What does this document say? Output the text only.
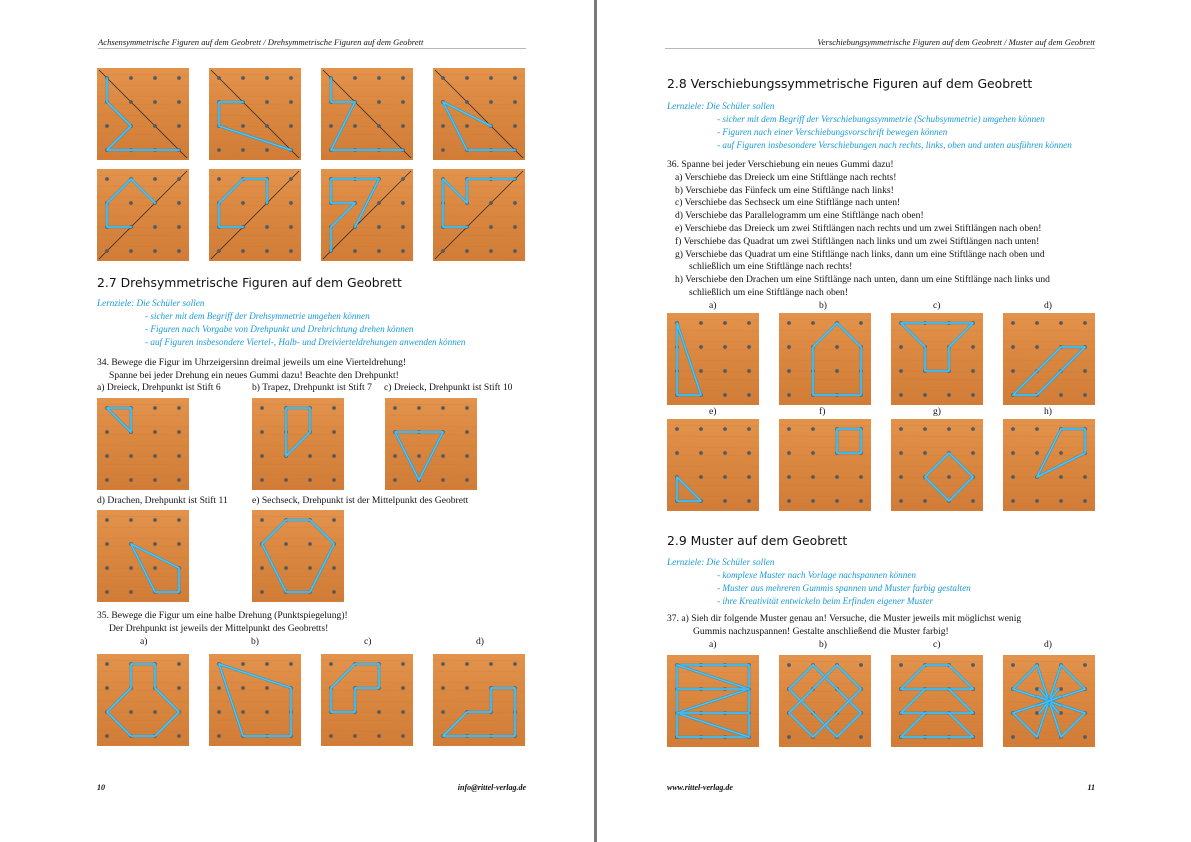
Achsensymmetrische Figuren auf dem Geobrett / Drehsymmetrische Figuren auf dem Geobrett
2.7 Drehsymmetrische Figuren auf dem Geobrett
Lernziele: Die Schüler sollen
- sicher mit dem Begriff der Drehsymmetrie umgehen können
- Figuren nach Vorgabe von Drehpunkt und Drehrichtung drehen können
- auf Figuren insbesondere Viertel-, Halb- und Dreivierteldrehungen anwenden können
34. Bewege die Figur im Uhrzeigersinn dreimal jeweils um eine Vierteldrehung!
Spanne bei jeder Drehung ein neues Gummi dazu! Beachte den Drehpunkt!
a) Dreieck, Drehpunkt ist Stift 6	b) Trapez, Drehpunkt ist Stift 7 c) Dreieck, Drehpunkt ist Stift 10
d) Drachen, Drehpunkt ist Stift 11	e) Sechseck, Drehpunkt ist der Mittelpunkt des Geobrett
35. Bewege die Figur um eine halbe Drehung (Punktspiegelung)!
Der Drehpunkt ist jeweils der Mittelpunkt des Geobretts!
a)	b)	c)	d)
10	info@rittel-verlag.de
Verschiebungsymmetrische Figuren auf dem Geobrett / Muster auf dem Geobrett
2.8 Verschiebungssymmetrische Figuren auf dem Geobrett
Lernziele: Die Schüler sollen
- sicher mit dem Begriff der Verschiebungssymmetrie (Schubsymmetrie) umgehen können
- Figuren nach einer Verschiebungsvorschrift bewegen können
- auf Figuren insbesondere Verschiebungen nach rechts, links, oben und unten ausführen können
36. Spanne bei jeder Verschiebung ein neues Gummi dazu!
a) Verschiebe das Dreieck um eine Stiftlänge nach rechts!
b) Verschiebe das Fünfeck um eine Stiftlänge nach links!
c) Verschiebe das Sechseck um eine Stiftlänge nach unten!
d) Verschiebe das Parallelogramm um eine Stiftlänge nach oben!
e) Verschiebe das Dreieck um zwei Stiftlängen nach rechts und um zwei Stiftlängen nach oben!
f) Verschiebe das Quadrat um zwei Stiftlängen nach links und um zwei Stiftlängen nach unten!
g) Verschiebe das Quadrat um eine Stiftlänge nach links, dann um eine Stiftlänge nach oben und
schließlich um eine Stiftlänge nach rechts!
h) Verschiebe den Drachen um eine Stiftlänge nach unten, dann um eine Stiftlänge nach links und
schließlich um eine Stiftlänge nach oben!
a)	b)	c)	d)
e)	f)	g)	h)
2.9 Muster auf dem Geobrett
Lernziele: Die Schüler sollen
- komplexe Muster nach Vorlage nachspannen können
- Muster aus mehreren Gummis spannen und Muster farbig gestalten
- ihre Kreativität entwickeln beim Erfinden eigener Muster
37. a) Sieh dir folgende Muster genau an! Versuche, die Muster jeweils mit möglichst wenig
Gummis nachzuspannen! Gestalte anschließend die Muster farbig!
a)	b)	c)	d)
www.rittel-verlag.de	11
